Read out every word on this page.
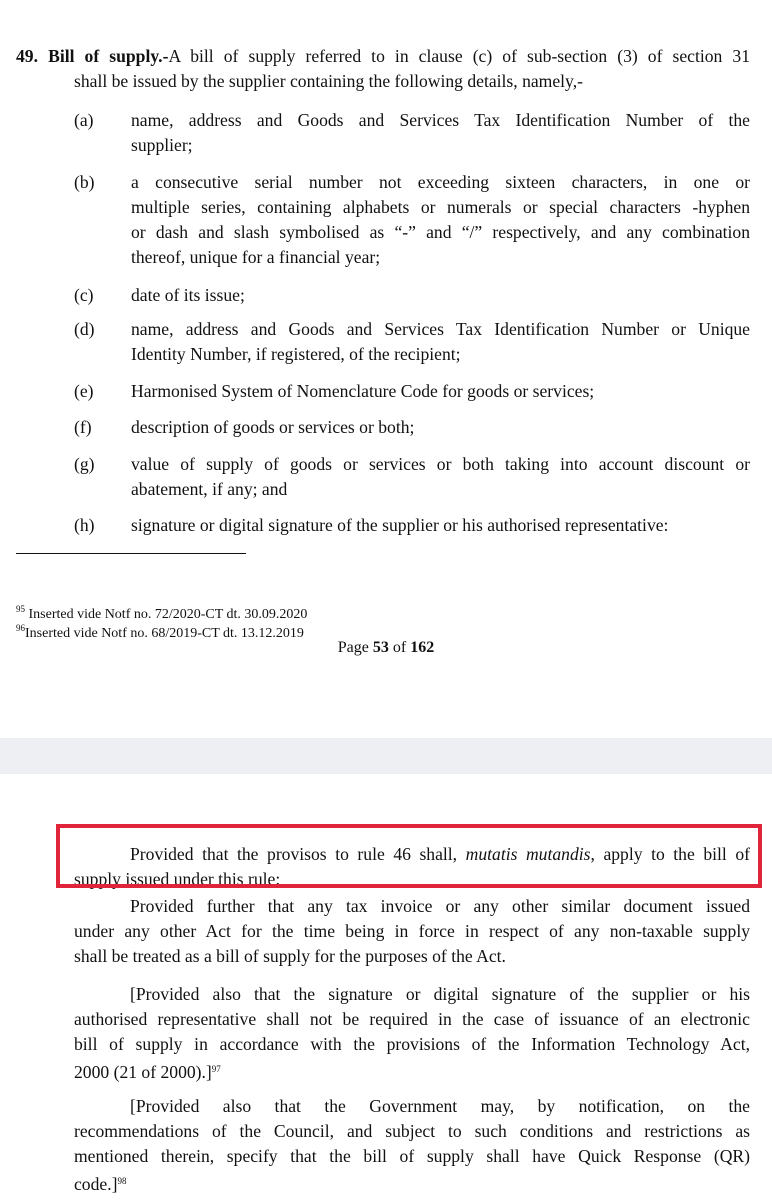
49. Bill of supply.-A bill of supply referred to in clause (c) of sub-section (3) of section 31
shall be issued by the supplier containing the following details, namely,-
(a)	name, address and Goods and Services Tax Identification Number of the
supplier;
(b)	a consecutive serial number not exceeding sixteen characters, in one or
multiple series, containing alphabets or numerals or special characters -hyphen
or dash and slash symbolised as “-” and “/” respectively, and any combination
thereof, unique for a financial year;
(c)	date of its issue;
(d)	name, address and Goods and Services Tax Identification Number or Unique
Identity Number, if registered, of the recipient;
(e)	Harmonised System of Nomenclature Code for goods or services;
(f)	description of goods or services or both;
(g)	value of supply of goods or services or both taking into account discount or
abatement, if any; and
(h)	signature or digital signature of the supplier or his authorised representative:
$^{95}$ Inserted vide Notf no. 72/2020-CT dt. 30.09.2020
$^{96}$Inserted vide Notf no. 68/2019-CT dt. 13.12.2019
Page 53 of 162
Provided that the provisos to rule 46 shall, mutatis mutandis, apply to the bill of
supply issued under this rule:
Provided further that any tax invoice or any other similar document issued
under any other Act for the time being in force in respect of any non-taxable supply
shall be treated as a bill of supply for the purposes of the Act.
[Provided also that the signature or digital signature of the supplier or his
authorised representative shall not be required in the case of issuance of an electronic
bill of supply in accordance with the provisions of the Information Technology Act,
2000 (21 of 2000).]$^{97}$
[Provided also that the Government may, by notification, on the
recommendations of the Council, and subject to such conditions and restrictions as
mentioned therein, specify that the bill of supply shall have Quick Response (QR)
code.]$^{98}$
